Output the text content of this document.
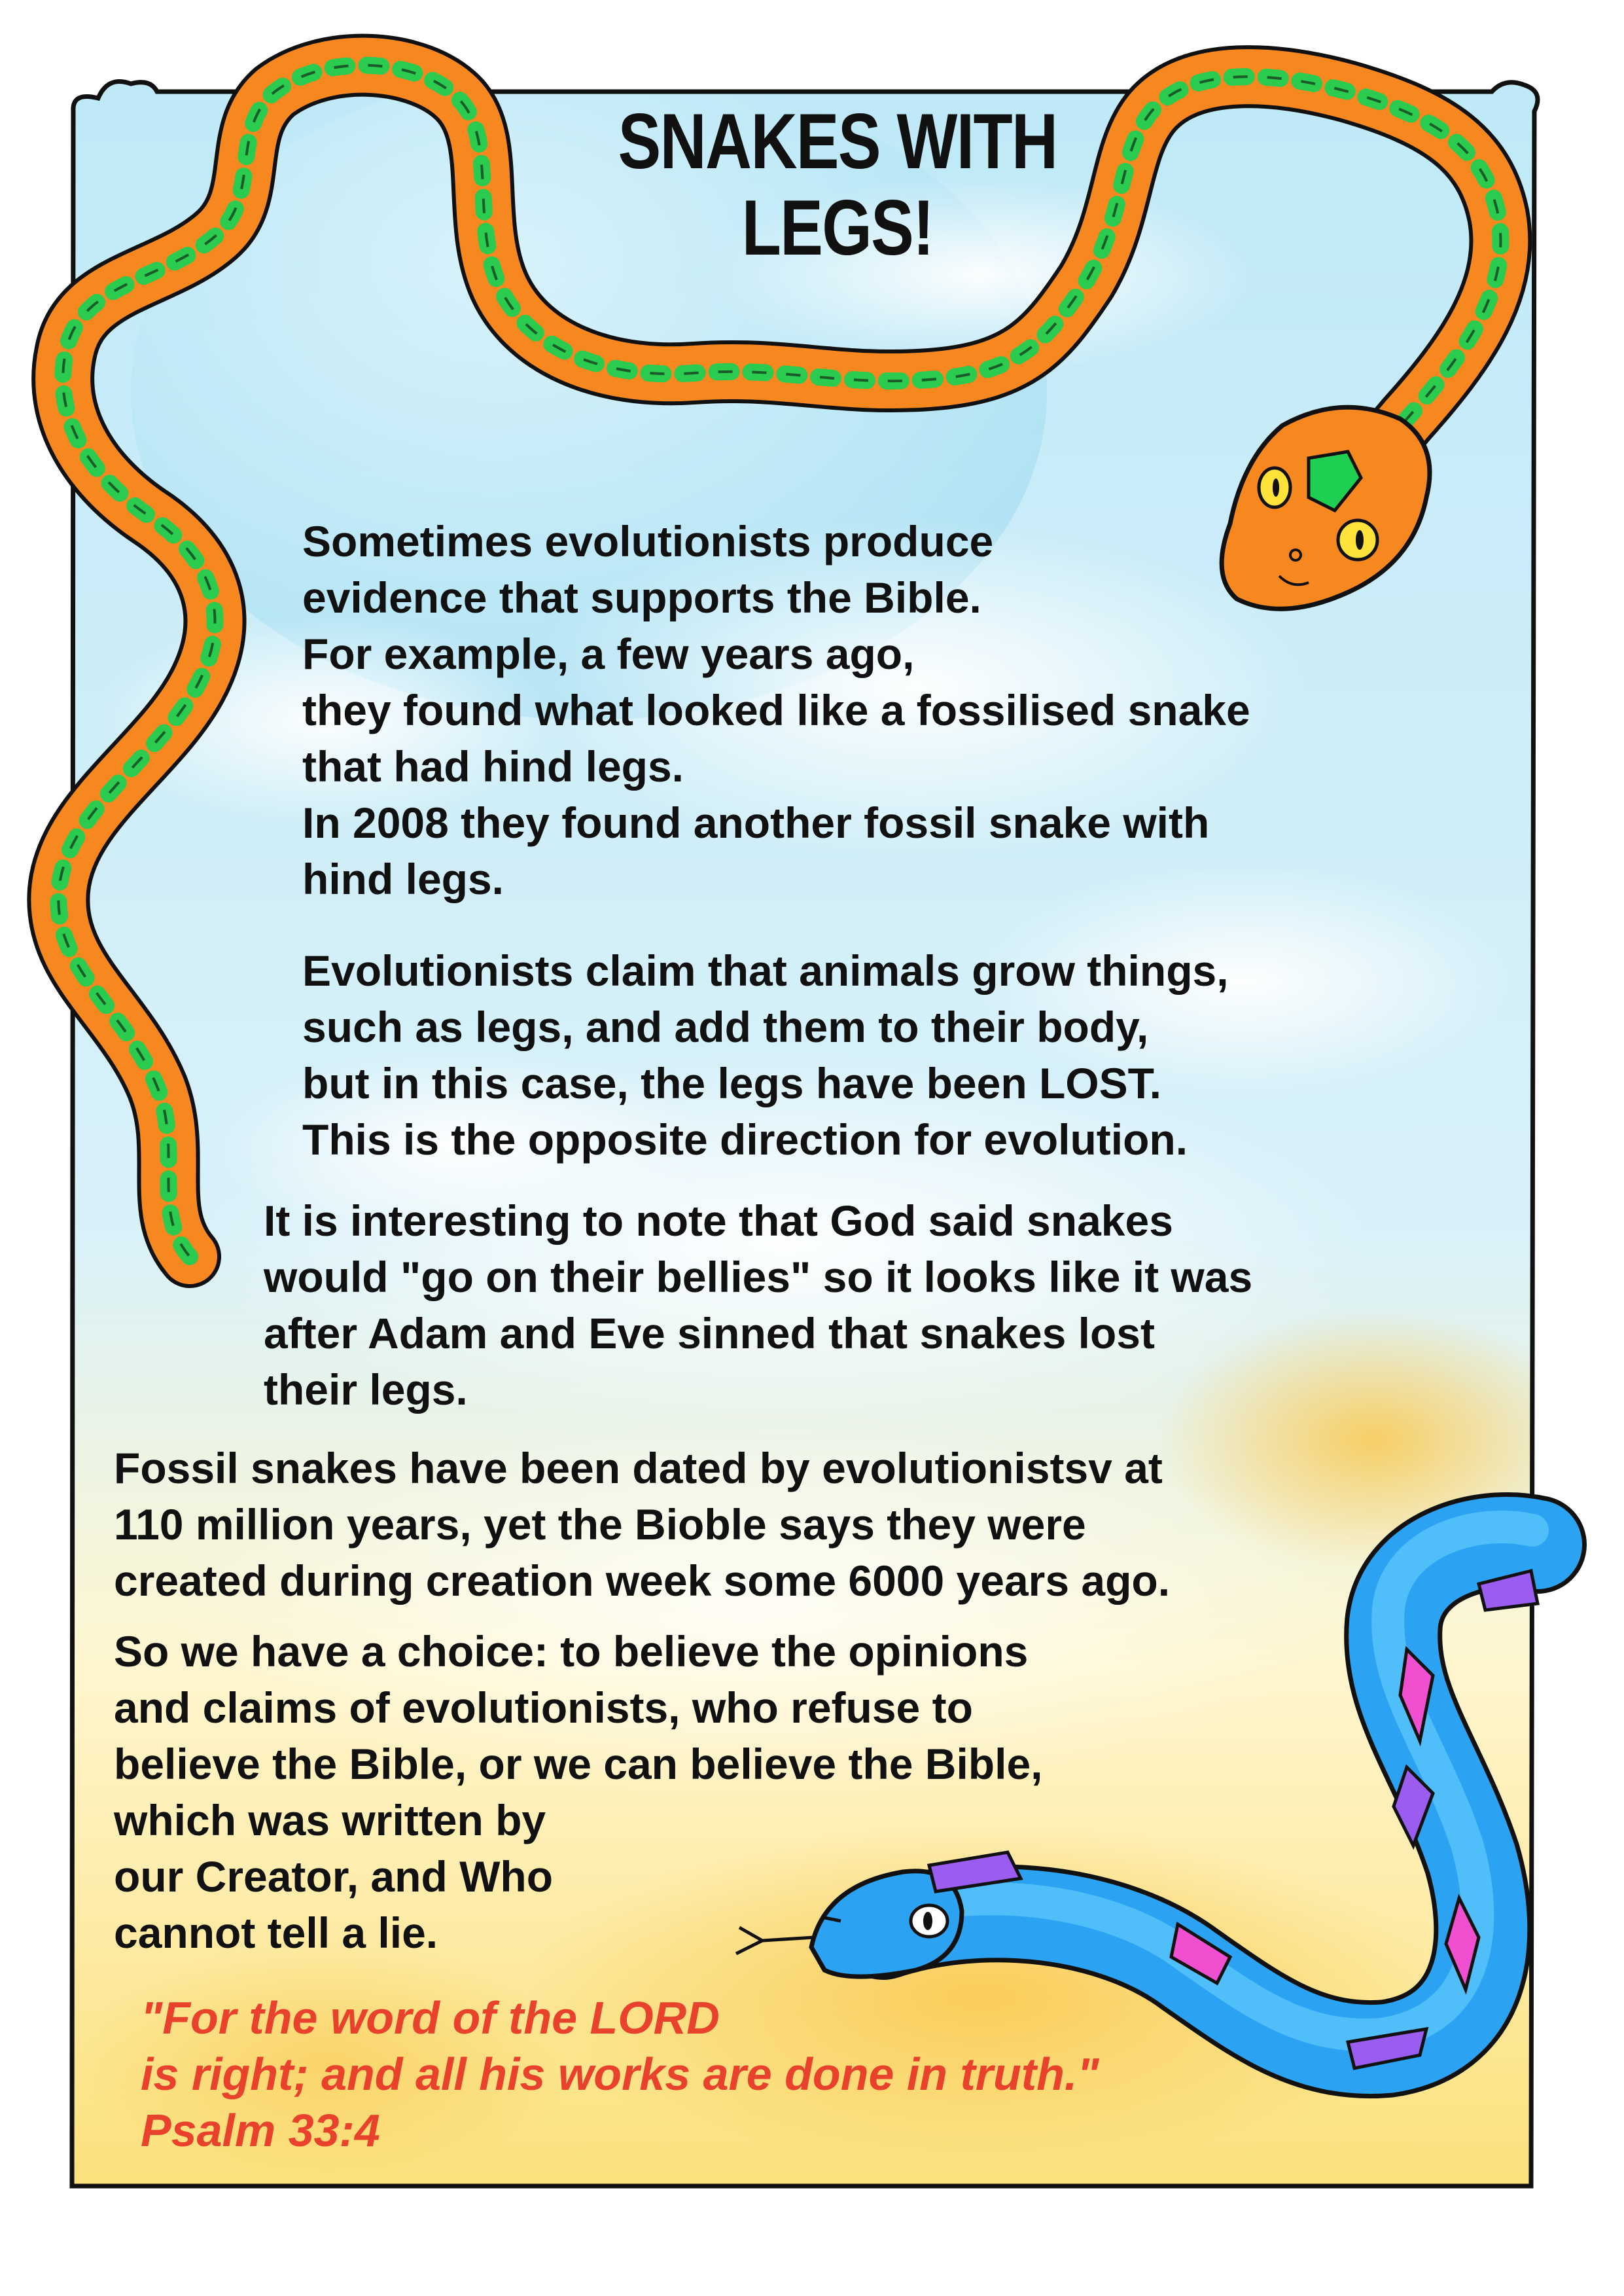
SNAKES WITH
LEGS!
Sometimes evolutionists produce
evidence that supports the Bible.
For example, a few years ago,
they found what looked like a fossilised snake
that had hind legs.
In 2008 they found another fossil snake with
hind legs.
Evolutionists claim that animals grow things,
such as legs, and add them to their body,
but in this case, the legs have been LOST.
This is the opposite direction for evolution.
It is interesting to note that God said snakes
would "go on their bellies" so it looks like it was
after Adam and Eve sinned that snakes lost
their legs.
Fossil snakes have been dated by evolutionistsv at
110 million years, yet the Bioble says they were
created during creation week some 6000 years ago.
So we have a choice: to believe the opinions
and claims of evolutionists, who refuse to
believe the Bible, or we can believe the Bible,
which was written by
our Creator, and Who
cannot tell a lie.
"For the word of the LORD
is right; and all his works are done in truth."
Psalm 33:4
